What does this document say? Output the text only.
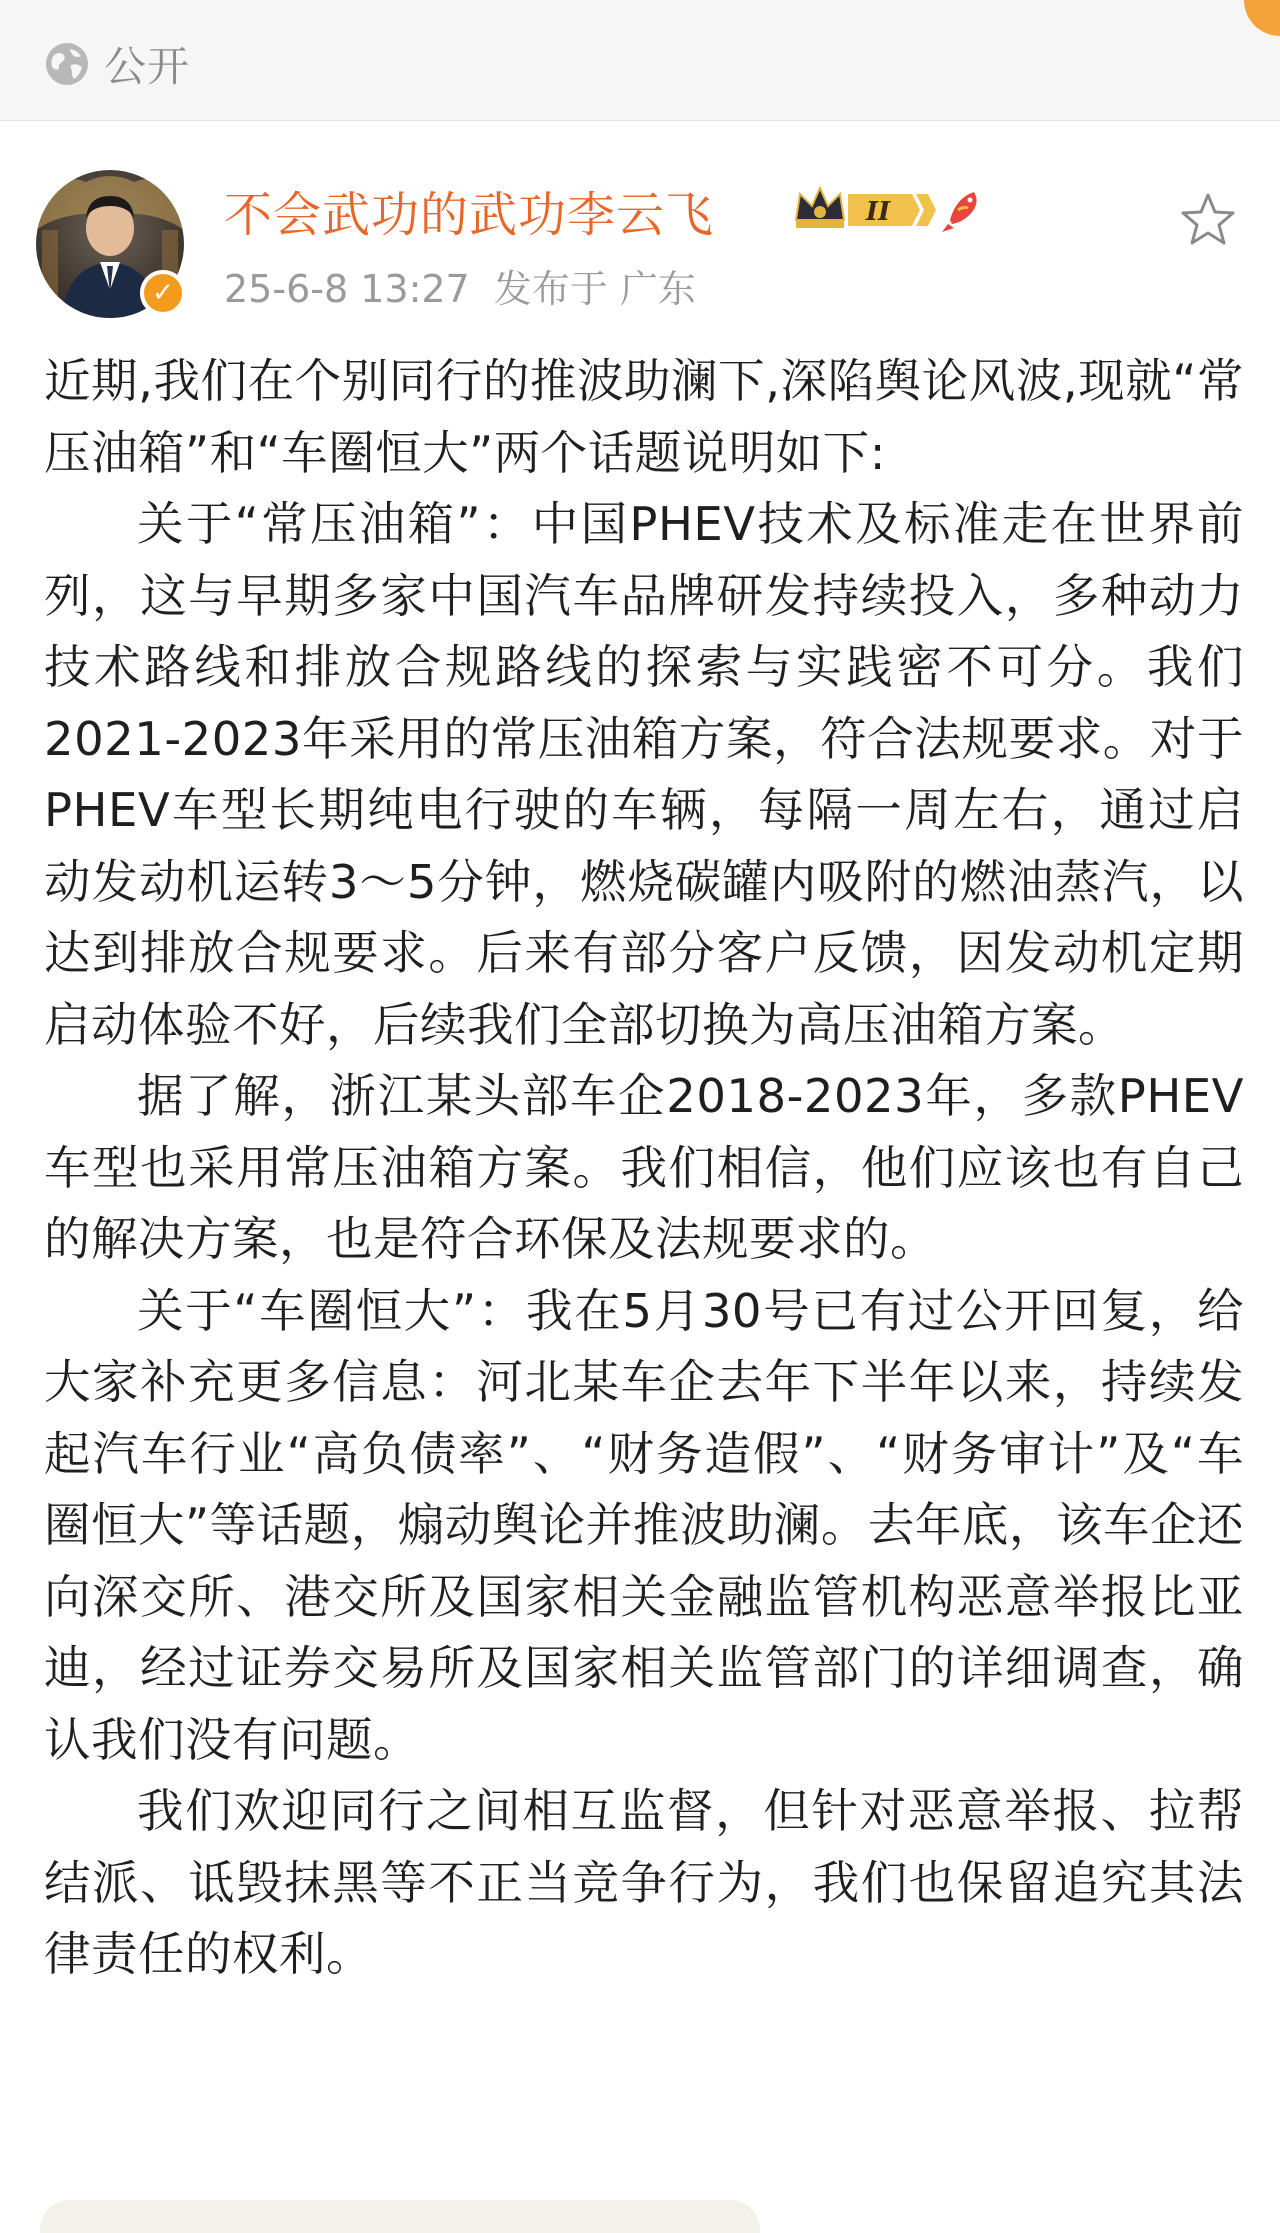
公开
✓
不会武功的武功李云飞	II
25-6-8 13:27 发布于 广东

近期,我们在个别同行的推波助澜下,深陷舆论风波,现就“常压油箱”和“车圈恒大”两个话题说明如下:

关于“常压油箱”：中国PHEV技术及标准走在世界前列，这与早期多家中国汽车品牌研发持续投入，多种动力技术路线和排放合规路线的探索与实践密不可分。我们2021-2023年采用的常压油箱方案，符合法规要求。对于PHEV车型长期纯电行驶的车辆，每隔一周左右，通过启动发动机运转3～5分钟，燃烧碳罐内吸附的燃油蒸汽，以达到排放合规要求。后来有部分客户反馈，因发动机定期启动体验不好，后续我们全部切换为高压油箱方案。

据了解，浙江某头部车企2018-2023年，多款PHEV车型也采用常压油箱方案。我们相信，他们应该也有自己的解决方案，也是符合环保及法规要求的。

关于“车圈恒大”：我在5月30号已有过公开回复，给大家补充更多信息：河北某车企去年下半年以来，持续发起汽车行业“高负债率”、“财务造假”、“财务审计”及“车圈恒大”等话题，煽动舆论并推波助澜。去年底，该车企还向深交所、港交所及国家相关金融监管机构恶意举报比亚迪，经过证券交易所及国家相关监管部门的详细调查，确认我们没有问题。

我们欢迎同行之间相互监督，但针对恶意举报、拉帮结派、诋毁抹黑等不正当竞争行为，我们也保留追究其法律责任的权利。
